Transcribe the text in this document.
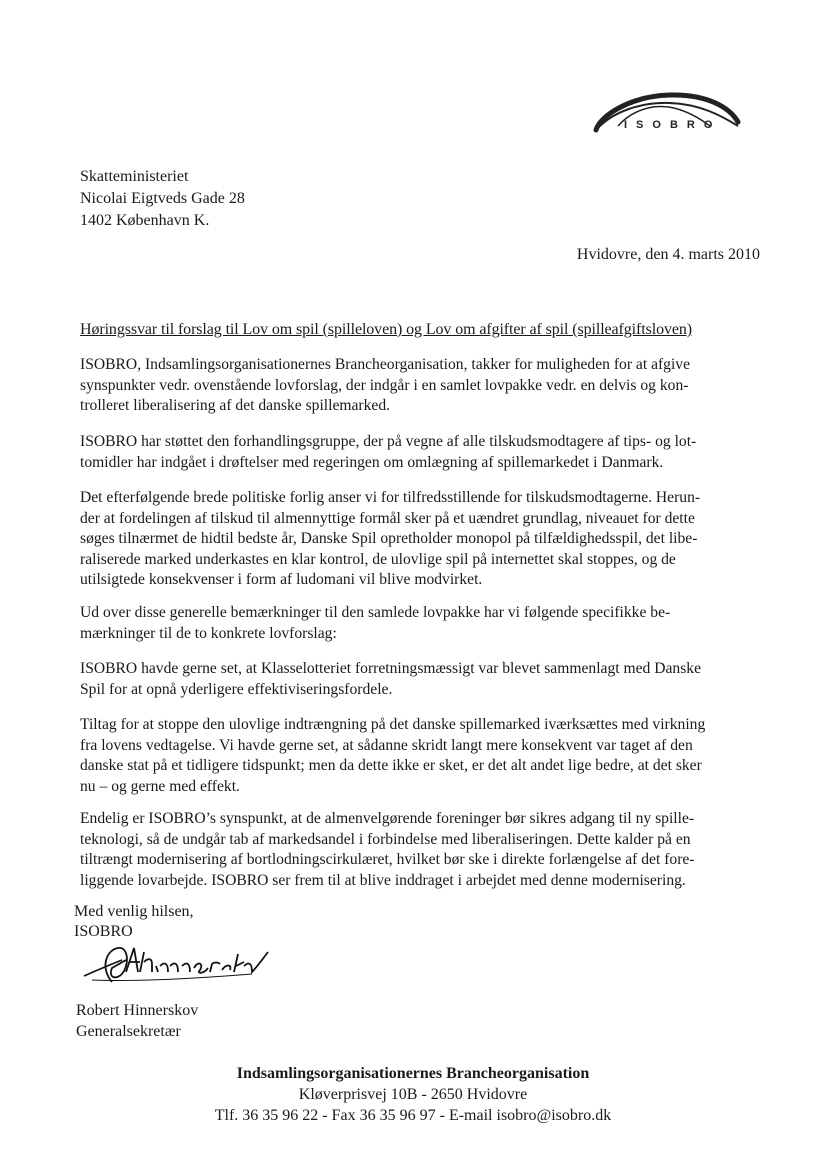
ISOBRO
Skatteministeriet
Nicolai Eigtveds Gade 28
1402 København K.
Hvidovre, den 4. marts 2010
Høringssvar til forslag til Lov om spil (spilleloven) og Lov om afgifter af spil (spilleafgiftsloven)

ISOBRO, Indsamlingsorganisationernes Brancheorganisation, takker for muligheden for at afgive
synspunkter vedr. ovenstående lovforslag, der indgår i en samlet lovpakke vedr. en delvis og kon-
trolleret liberalisering af det danske spillemarked.

ISOBRO har støttet den forhandlingsgruppe, der på vegne af alle tilskudsmodtagere af tips- og lot-
tomidler har indgået i drøftelser med regeringen om omlægning af spillemarkedet i Danmark.

Det efterfølgende brede politiske forlig anser vi for tilfredsstillende for tilskudsmodtagerne. Herun-
der at fordelingen af tilskud til almennyttige formål sker på et uændret grundlag, niveauet for dette
søges tilnærmet de hidtil bedste år, Danske Spil opretholder monopol på tilfældighedsspil, det libe-
raliserede marked underkastes en klar kontrol, de ulovlige spil på internettet skal stoppes, og de
utilsigtede konsekvenser i form af ludomani vil blive modvirket.

Ud over disse generelle bemærkninger til den samlede lovpakke har vi følgende specifikke be-
mærkninger til de to konkrete lovforslag:

ISOBRO havde gerne set, at Klasselotteriet forretningsmæssigt var blevet sammenlagt med Danske
Spil for at opnå yderligere effektiviseringsfordele.

Tiltag for at stoppe den ulovlige indtrængning på det danske spillemarked iværksættes med virkning
fra lovens vedtagelse. Vi havde gerne set, at sådanne skridt langt mere konsekvent var taget af den
danske stat på et tidligere tidspunkt; men da dette ikke er sket, er det alt andet lige bedre, at det sker
nu – og gerne med effekt.

Endelig er ISOBRO’s synspunkt, at de almenvelgørende foreninger bør sikres adgang til ny spille-
teknologi, så de undgår tab af markedsandel i forbindelse med liberaliseringen. Dette kalder på en
tiltrængt modernisering af bortlodningscirkulæret, hvilket bør ske i direkte forlængelse af det fore-
liggende lovarbejde. ISOBRO ser frem til at blive inddraget i arbejdet med denne modernisering.

Med venlig hilsen,
ISOBRO
Robert Hinnerskov
Generalsekretær
Indsamlingsorganisationernes Brancheorganisation
Kløverprisvej 10B - 2650 Hvidovre
Tlf. 36 35 96 22 - Fax 36 35 96 97 - E-mail isobro@isobro.dk
